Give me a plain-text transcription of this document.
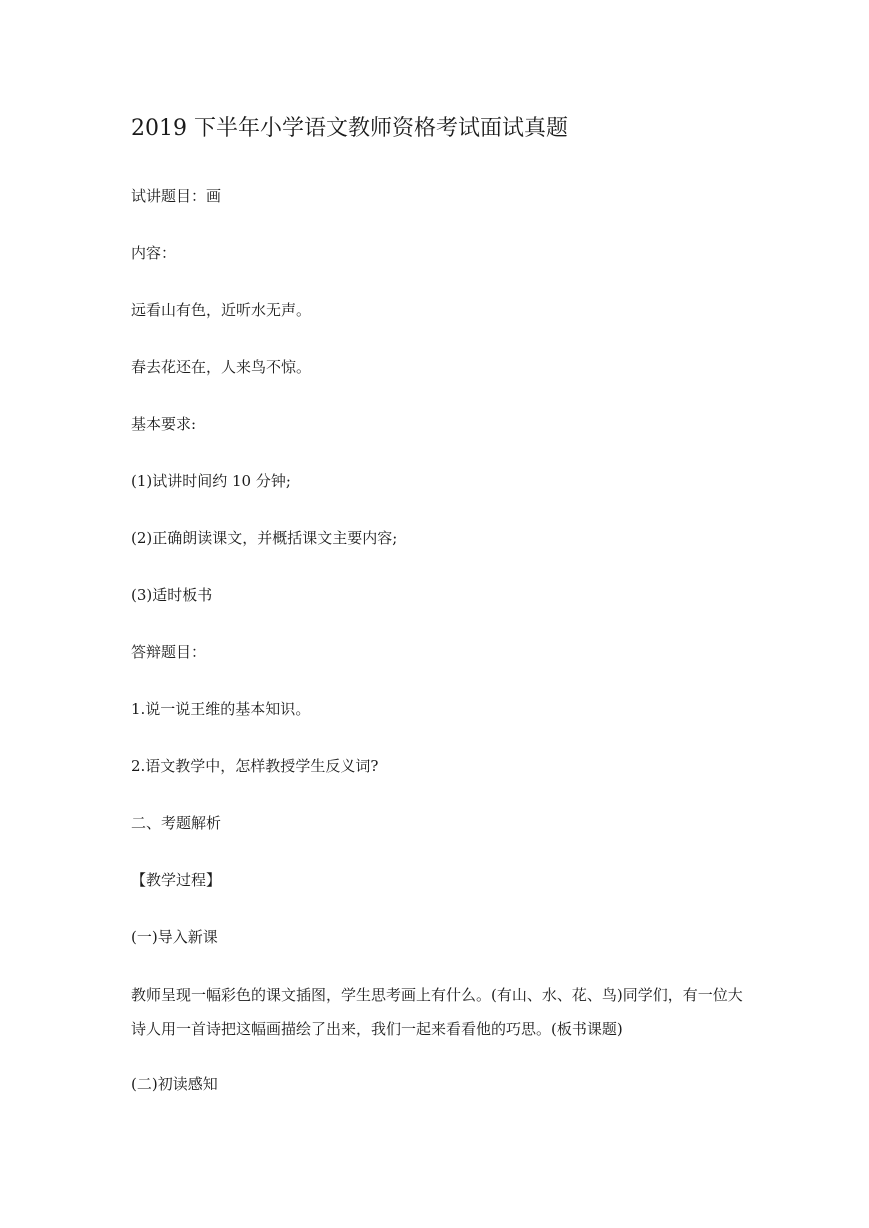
2019 下半年小学语文教师资格考试面试真题

试讲题目：画

内容：

远看山有色，近听水无声。

春去花还在，人来鸟不惊。

基本要求:

(1)试讲时间约 10 分钟;

(2)正确朗读课文，并概括课文主要内容;

(3)适时板书

答辩题目：

1.说一说王维的基本知识。

2.语文教学中，怎样教授学生反义词?

二、考题解析

【教学过程】

(一)导入新课

教师呈现一幅彩色的课文插图，学生思考画上有什么。(有山、水、花、鸟)同学们，有一位大诗人用一首诗把这幅画描绘了出来，我们一起来看看他的巧思。(板书课题)

(二)初读感知
